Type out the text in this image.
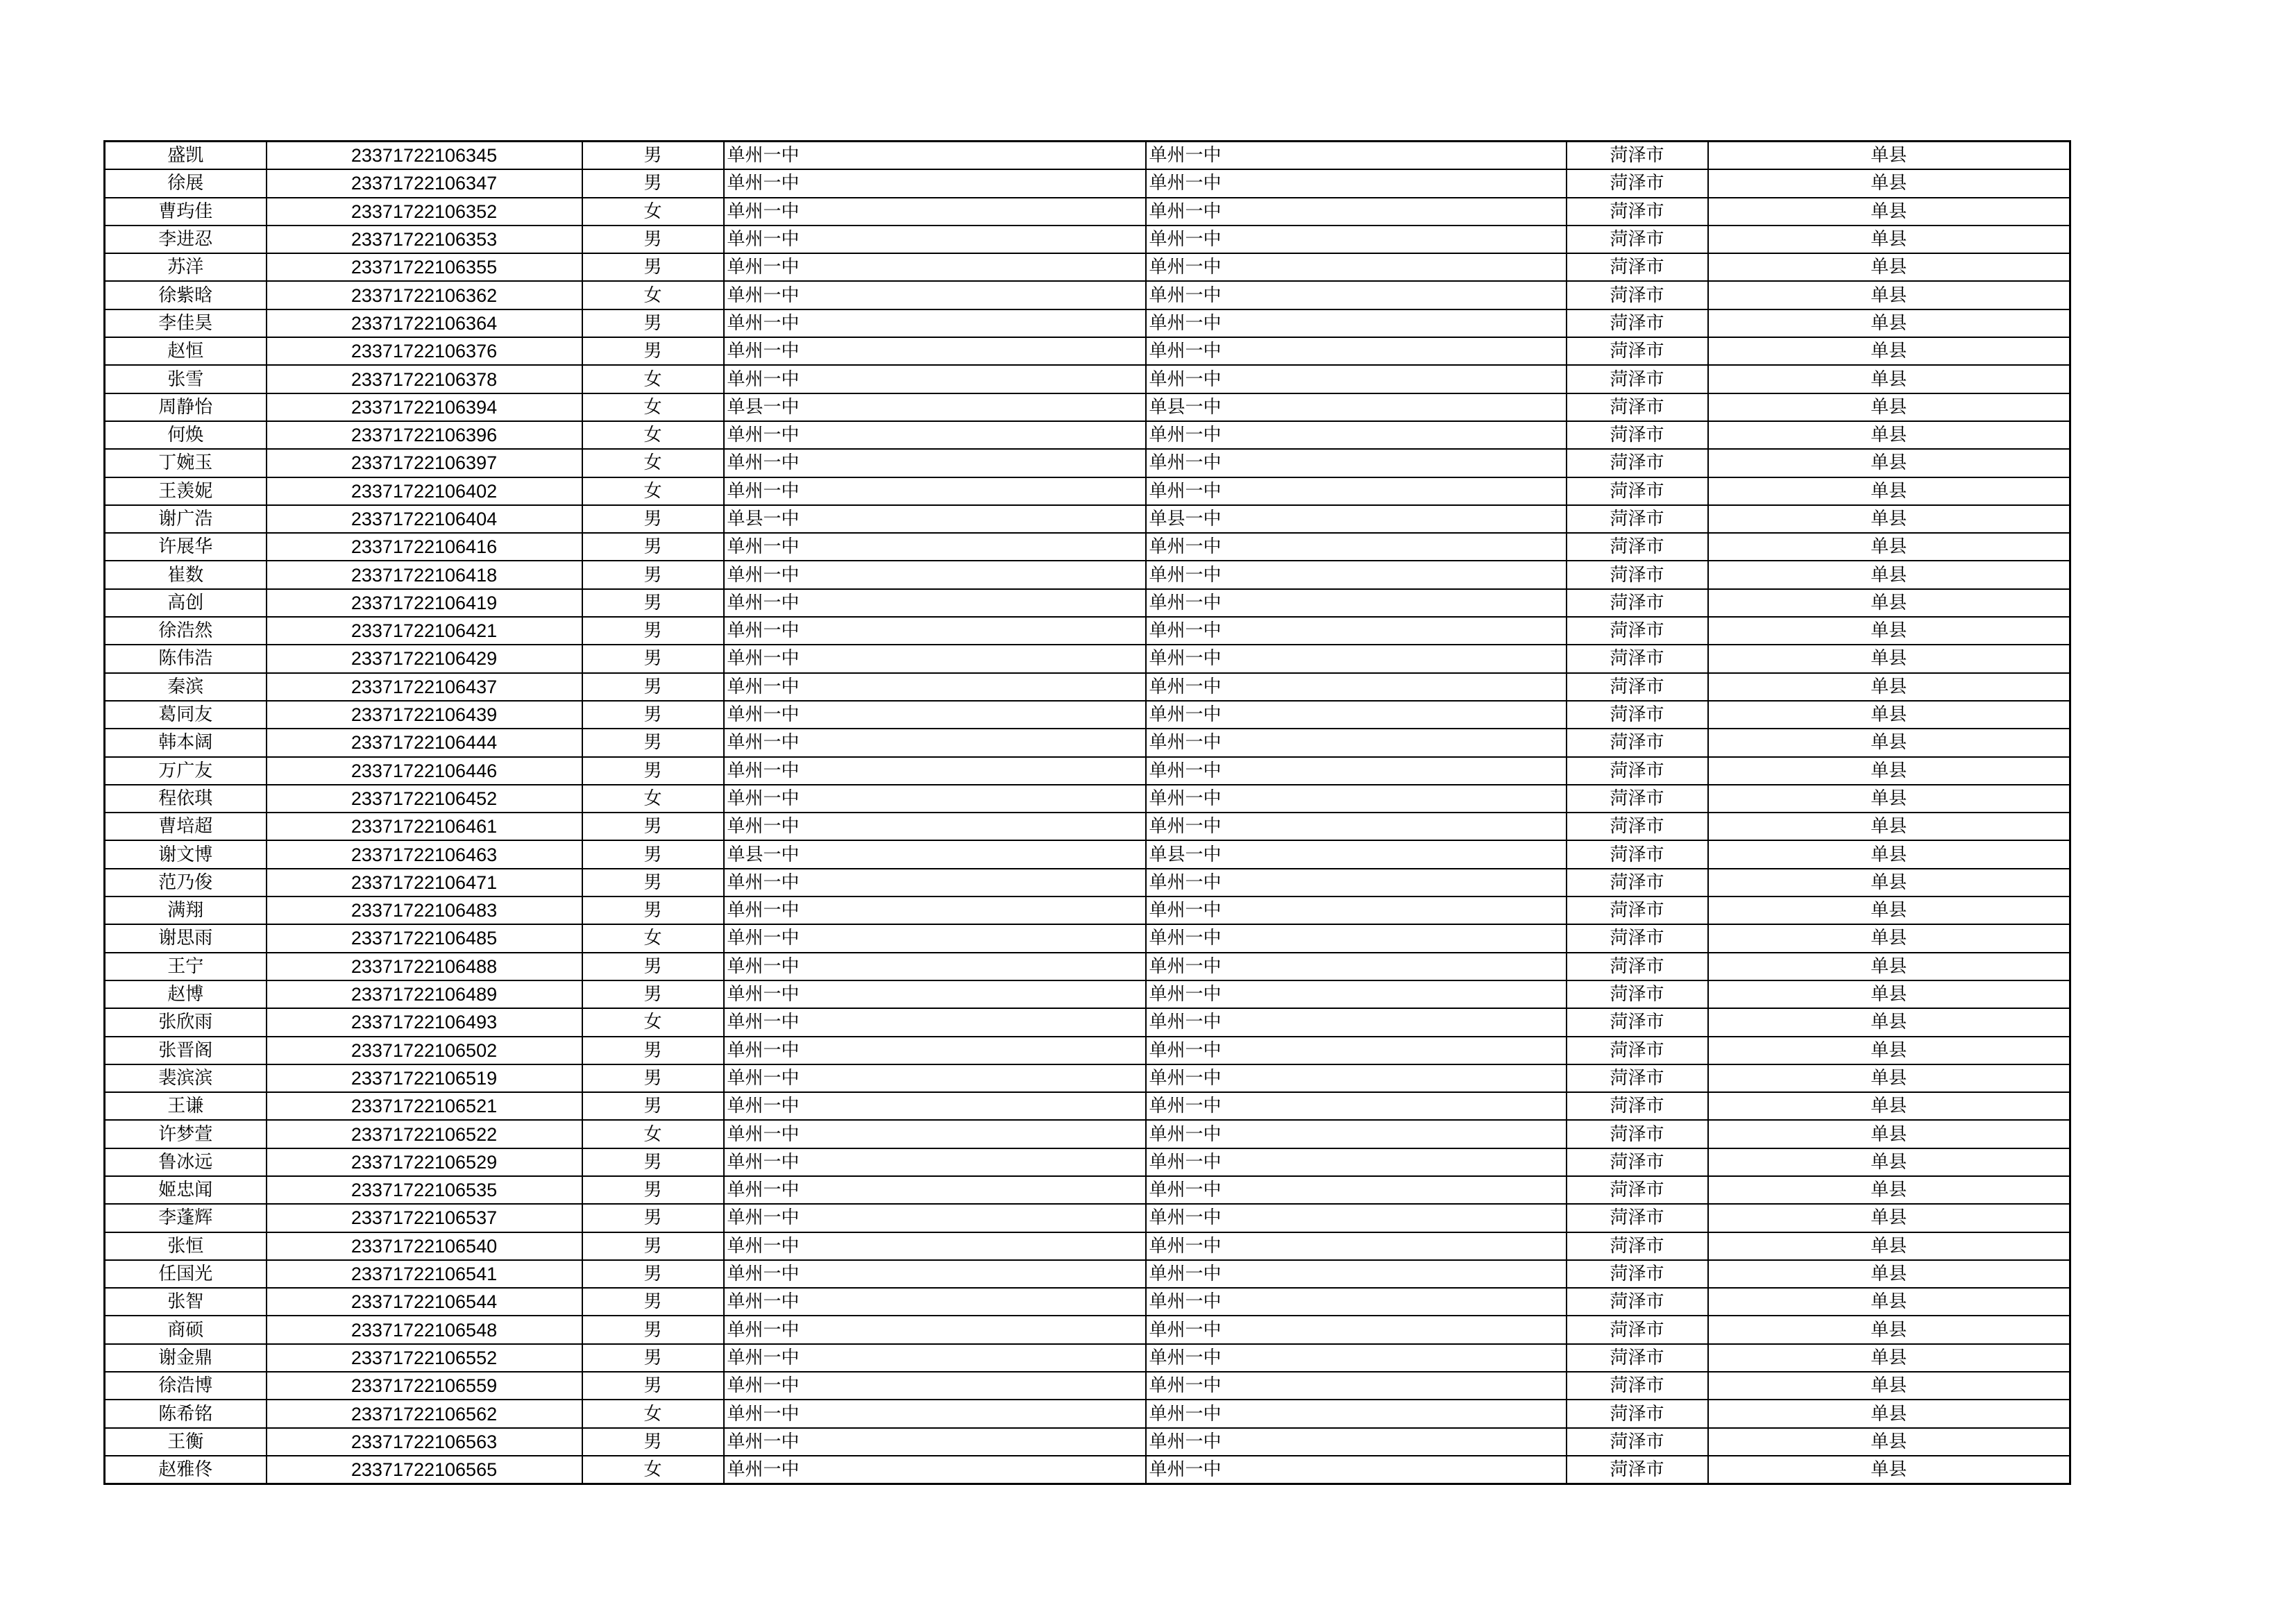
盛凯	23371722106345	男	单州一中	单州一中	菏泽市	单县
徐展	23371722106347	男	单州一中	单州一中	菏泽市	单县
曹玙佳	23371722106352	女	单州一中	单州一中	菏泽市	单县
李进忍	23371722106353	男	单州一中	单州一中	菏泽市	单县
苏洋	23371722106355	男	单州一中	单州一中	菏泽市	单县
徐紫晗	23371722106362	女	单州一中	单州一中	菏泽市	单县
李佳昊	23371722106364	男	单州一中	单州一中	菏泽市	单县
赵恒	23371722106376	男	单州一中	单州一中	菏泽市	单县
张雪	23371722106378	女	单州一中	单州一中	菏泽市	单县
周静怡	23371722106394	女	单县一中	单县一中	菏泽市	单县
何焕	23371722106396	女	单州一中	单州一中	菏泽市	单县
丁婉玉	23371722106397	女	单州一中	单州一中	菏泽市	单县
王羡妮	23371722106402	女	单州一中	单州一中	菏泽市	单县
谢广浩	23371722106404	男	单县一中	单县一中	菏泽市	单县
许展华	23371722106416	男	单州一中	单州一中	菏泽市	单县
崔数	23371722106418	男	单州一中	单州一中	菏泽市	单县
高创	23371722106419	男	单州一中	单州一中	菏泽市	单县
徐浩然	23371722106421	男	单州一中	单州一中	菏泽市	单县
陈伟浩	23371722106429	男	单州一中	单州一中	菏泽市	单县
秦滨	23371722106437	男	单州一中	单州一中	菏泽市	单县
葛同友	23371722106439	男	单州一中	单州一中	菏泽市	单县
韩本阔	23371722106444	男	单州一中	单州一中	菏泽市	单县
万广友	23371722106446	男	单州一中	单州一中	菏泽市	单县
程依琪	23371722106452	女	单州一中	单州一中	菏泽市	单县
曹培超	23371722106461	男	单州一中	单州一中	菏泽市	单县
谢文博	23371722106463	男	单县一中	单县一中	菏泽市	单县
范乃俊	23371722106471	男	单州一中	单州一中	菏泽市	单县
满翔	23371722106483	男	单州一中	单州一中	菏泽市	单县
谢思雨	23371722106485	女	单州一中	单州一中	菏泽市	单县
王宁	23371722106488	男	单州一中	单州一中	菏泽市	单县
赵博	23371722106489	男	单州一中	单州一中	菏泽市	单县
张欣雨	23371722106493	女	单州一中	单州一中	菏泽市	单县
张晋阁	23371722106502	男	单州一中	单州一中	菏泽市	单县
裴滨滨	23371722106519	男	单州一中	单州一中	菏泽市	单县
王谦	23371722106521	男	单州一中	单州一中	菏泽市	单县
许梦萱	23371722106522	女	单州一中	单州一中	菏泽市	单县
鲁冰远	23371722106529	男	单州一中	单州一中	菏泽市	单县
姬忠闻	23371722106535	男	单州一中	单州一中	菏泽市	单县
李蓬辉	23371722106537	男	单州一中	单州一中	菏泽市	单县
张恒	23371722106540	男	单州一中	单州一中	菏泽市	单县
任国光	23371722106541	男	单州一中	单州一中	菏泽市	单县
张智	23371722106544	男	单州一中	单州一中	菏泽市	单县
商硕	23371722106548	男	单州一中	单州一中	菏泽市	单县
谢金鼎	23371722106552	男	单州一中	单州一中	菏泽市	单县
徐浩博	23371722106559	男	单州一中	单州一中	菏泽市	单县
陈希铭	23371722106562	女	单州一中	单州一中	菏泽市	单县
王衡	23371722106563	男	单州一中	单州一中	菏泽市	单县
赵雅佟	23371722106565	女	单州一中	单州一中	菏泽市	单县
